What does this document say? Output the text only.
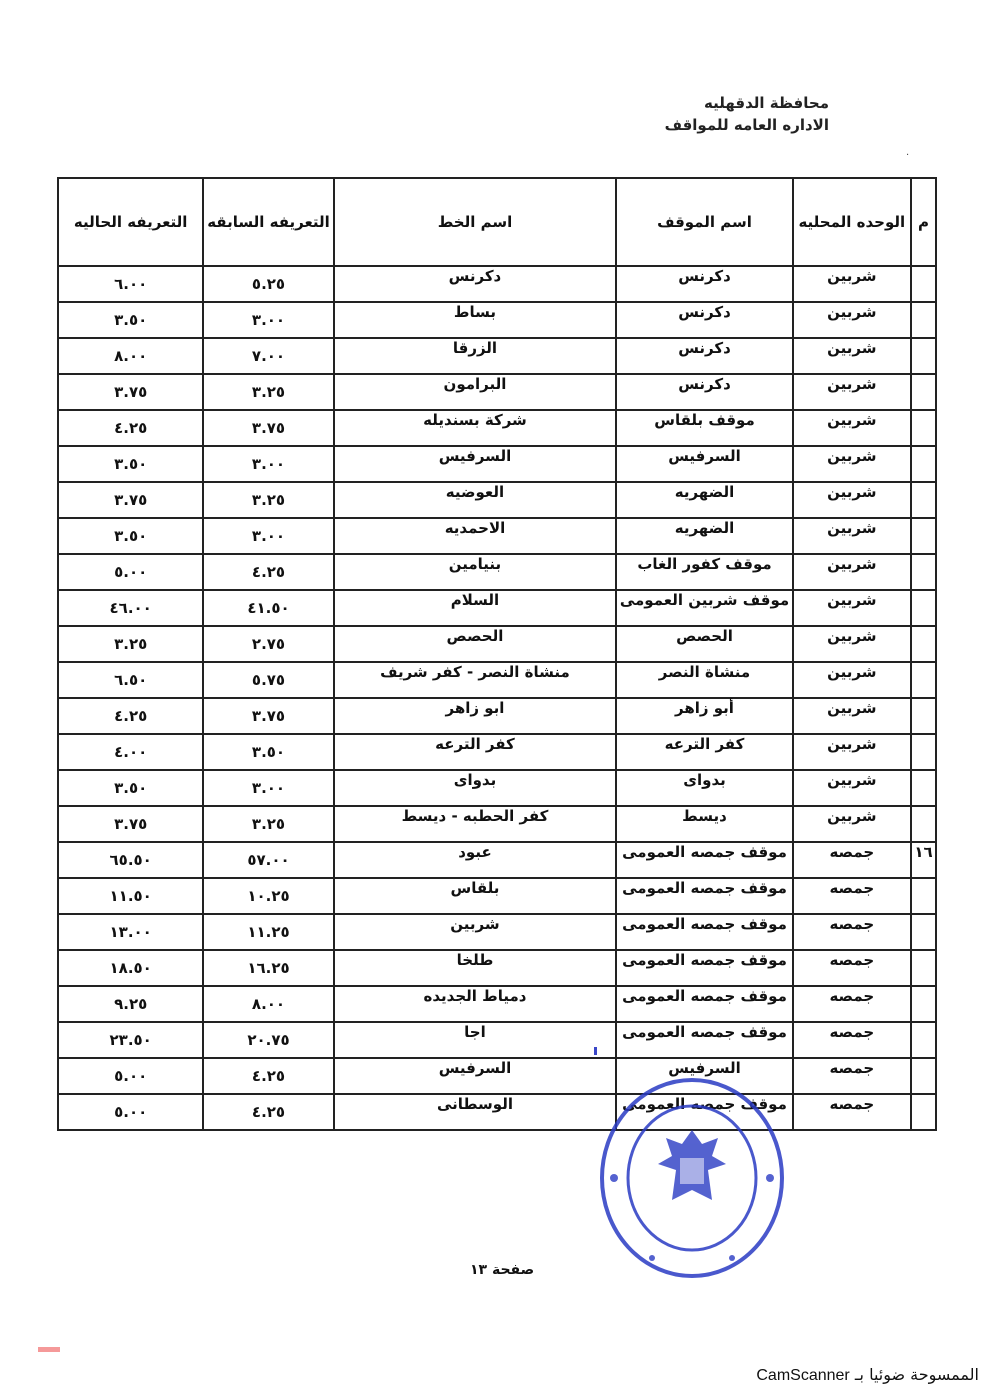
محافظة الدقهليه
الاداره العامه للمواقف
·
م	الوحده المحليه	اسم الموقف	اسم الخط	التعريفه السابقه	التعريفه الحاليه
	شربين	دكرنس	دكرنس	٥.٢٥	٦.٠٠
	شربين	دكرنس	بساط	٣.٠٠	٣.٥٠
	شربين	دكرنس	الزرقا	٧.٠٠	٨.٠٠
	شربين	دكرنس	البرامون	٣.٢٥	٣.٧٥
	شربين	موقف بلقاس	شركة بسنديله	٣.٧٥	٤.٢٥
	شربين	السرفيس	السرفيس	٣.٠٠	٣.٥٠
	شربين	الضهريه	العوضيه	٣.٢٥	٣.٧٥
	شربين	الضهريه	الاحمديه	٣.٠٠	٣.٥٠
	شربين	موقف كفور الغاب	بنيامين	٤.٢٥	٥.٠٠
	شربين	موقف شربين العمومى	السلام	٤١.٥٠	٤٦.٠٠
	شربين	الحصص	الحصص	٢.٧٥	٣.٢٥
	شربين	منشاة النصر	منشاة النصر - كفر شريف	٥.٧٥	٦.٥٠
	شربين	أبو زاهر	ابو زاهر	٣.٧٥	٤.٢٥
	شربين	كفر الترعه	كفر الترعه	٣.٥٠	٤.٠٠
	شربين	بدواى	بدواى	٣.٠٠	٣.٥٠
	شربين	ديسط	كفر الحطبه - ديسط	٣.٢٥	٣.٧٥
١٦	جمصه	موقف جمصه العمومى	عبود	٥٧.٠٠	٦٥.٥٠
	جمصه	موقف جمصه العمومى	بلقاس	١٠.٢٥	١١.٥٠
	جمصه	موقف جمصه العمومى	شربين	١١.٢٥	١٣.٠٠
	جمصه	موقف جمصه العمومى	طلخا	١٦.٢٥	١٨.٥٠
	جمصه	موقف جمصه العمومى	دمياط الجديده	٨.٠٠	٩.٢٥
	جمصه	موقف جمصه العمومى	اجا	٢٠.٧٥	٢٣.٥٠
	جمصه	السرفيس	السرفيس	٤.٢٥	٥.٠٠
	جمصه	موقف جمصه العمومى	الوسطانى	٤.٢٥	٥.٠٠
صفحة ١٣
الممسوحة ضوئيا بـ CamScanner
